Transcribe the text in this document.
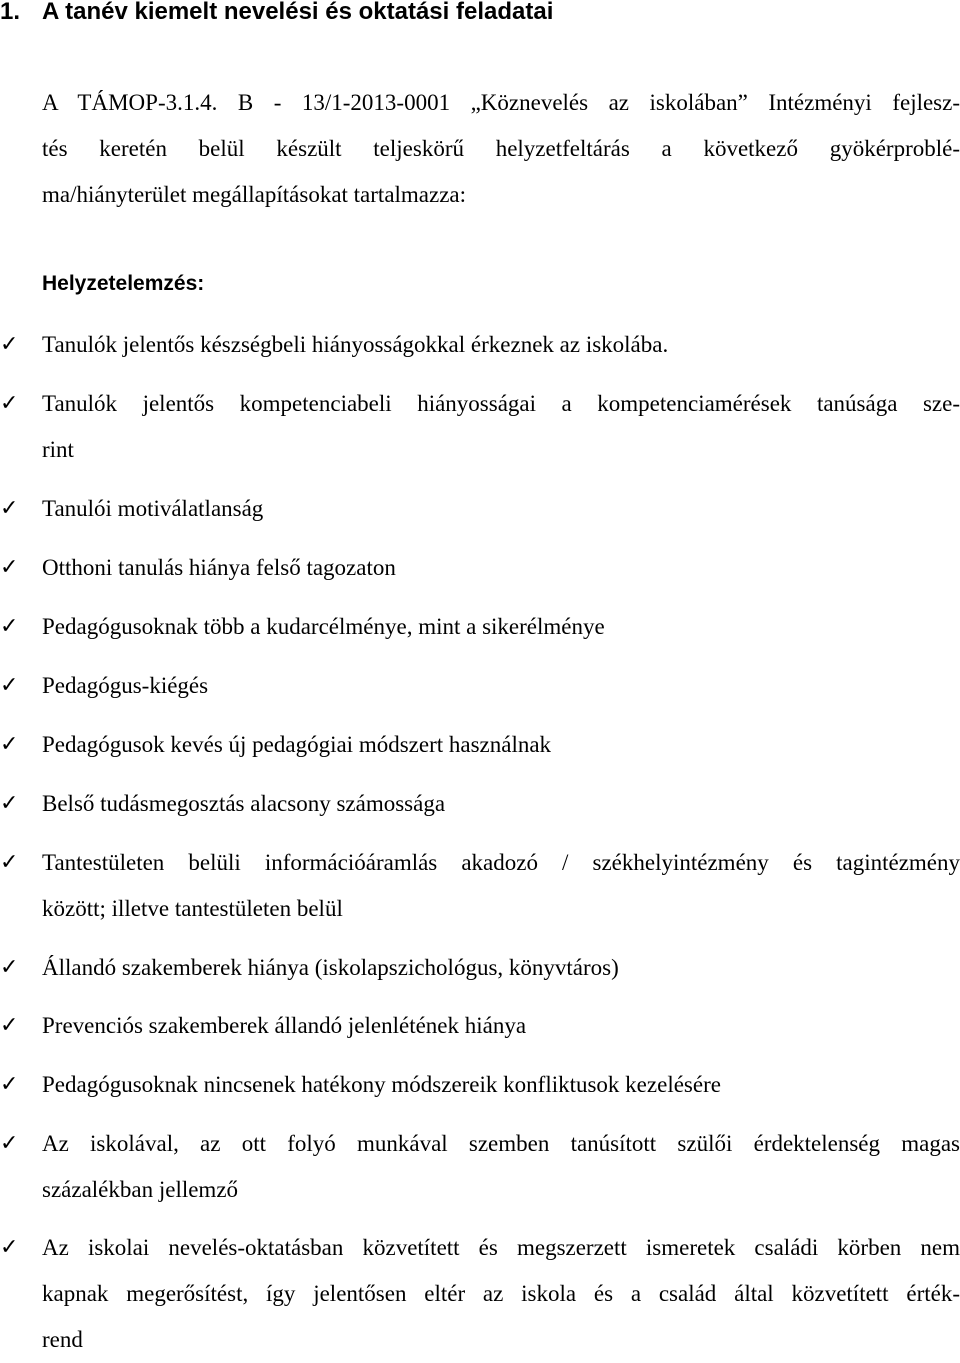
1. A tanév kiemelt nevelési és oktatási feladatai

A TÁMOP-3.1.4. B - 13/1-2013-0001 „Köznevelés az iskolában” Intézményi fejlesz-
tés keretén belül készült teljeskörű helyzetfeltárás a következő gyökérproblé-
ma/hiányterület megállapításokat tartalmazza:

Helyzetelemzés:
✓ Tanulók jelentős készségbeli hiányosságokkal érkeznek az iskolába.
✓ Tanulók jelentős kompetenciabeli hiányosságai a kompetenciamérések tanúsága sze-
rint
✓ Tanulói motiválatlanság
✓ Otthoni tanulás hiánya felső tagozaton
✓ Pedagógusoknak több a kudarcélménye, mint a sikerélménye
✓ Pedagógus-kiégés
✓ Pedagógusok kevés új pedagógiai módszert használnak
✓ Belső tudásmegosztás alacsony számossága
✓ Tantestületen belüli információáramlás akadozó / székhelyintézmény és tagintézmény
között; illetve tantestületen belül
✓ Állandó szakemberek hiánya (iskolapszichológus, könyvtáros)
✓ Prevenciós szakemberek állandó jelenlétének hiánya
✓ Pedagógusoknak nincsenek hatékony módszereik konfliktusok kezelésére
✓ Az iskolával, az ott folyó munkával szemben tanúsított szülői érdektelenség magas
százalékban jellemző
✓ Az iskolai nevelés-oktatásban közvetített és megszerzett ismeretek családi körben nem
kapnak megerősítést, így jelentősen eltér az iskola és a család által közvetített érték-
rend
